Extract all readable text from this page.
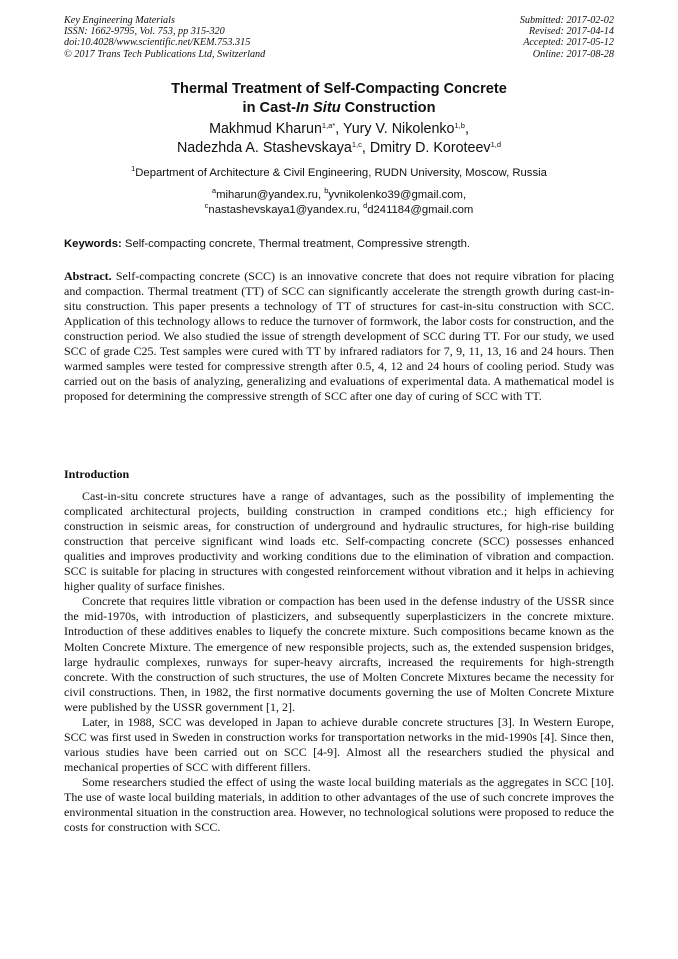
Key Engineering Materials
ISSN: 1662-9795, Vol. 753, pp 315-320
doi:10.4028/www.scientific.net/KEM.753.315
© 2017 Trans Tech Publications Ltd, Switzerland
Submitted: 2017-02-02
Revised: 2017-04-14
Accepted: 2017-05-12
Online: 2017-08-28
Thermal Treatment of Self-Compacting Concrete
in Cast-In Situ Construction
Makhmud Kharun$^{1,a*}$, Yury V. Nikolenko$^{1,b}$,
Nadezhda A. Stashevskaya$^{1,c}$, Dmitry D. Koroteev$^{1,d}$
$^1$Department of Architecture & Civil Engineering, RUDN University, Moscow, Russia
$^a$miharun@yandex.ru, $^b$yvnikolenko39@gmail.com,
$^c$nastashevskaya1@yandex.ru, $^d$d241184@gmail.com
Keywords: Self-compacting concrete, Thermal treatment, Compressive strength.

Abstract. Self-compacting concrete (SCC) is an innovative concrete that does not require vibration for placing and compaction. Thermal treatment (TT) of SCC can significantly accelerate the strength growth during cast-in-situ construction. This paper presents a technology of TT of structures for cast-in-situ construction with SCC. Application of this technology allows to reduce the turnover of formwork, the labor costs for construction, and the construction period. We also studied the issue of strength development of SCC during TT. For our study, we used SCC of grade C25. Test samples were cured with TT by infrared radiators for 7, 9, 11, 13, 16 and 24 hours. Then warmed samples were tested for compressive strength after 0.5, 4, 12 and 24 hours of cooling period. Study was carried out on the basis of analyzing, generalizing and evaluations of experimental data. A mathematical model is proposed for determining the compressive strength of SCC after one day of curing of SCC with TT.

Introduction

Cast-in-situ concrete structures have a range of advantages, such as the possibility of implementing the complicated architectural projects, building construction in cramped conditions etc.; high efficiency for construction in seismic areas, for construction of underground and hydraulic structures, for high-rise building construction that perceive significant wind loads etc. Self-compacting concrete (SCC) possesses enhanced qualities and improves productivity and working conditions due to the elimination of vibration and compaction. SCC is suitable for placing in structures with congested reinforcement without vibration and it helps in achieving higher quality of surface finishes.

Concrete that requires little vibration or compaction has been used in the defense industry of the USSR since the mid-1970s, with introduction of plasticizers, and subsequently superplasticizers in the concrete mixture. Introduction of these additives enables to liquefy the concrete mixture. Such compositions became known as the Molten Concrete Mixture. The emergence of new responsible projects, such as, the extended suspension bridges, large hydraulic complexes, runways for super-heavy aircrafts, increased the requirements for high-strength concrete. With the construction of such structures, the use of Molten Concrete Mixtures became the necessity for civil constructions. Then, in 1982, the first normative documents governing the use of Molten Concrete Mixture were published by the USSR government [1, 2].

Later, in 1988, SCC was developed in Japan to achieve durable concrete structures [3]. In Western Europe, SCC was first used in Sweden in construction works for transportation networks in the mid-1990s [4]. Since then, various studies have been carried out on SCC [4-9]. Almost all the researchers studied the physical and mechanical properties of SCC with different fillers.

Some researchers studied the effect of using the waste local building materials as the aggregates in SCC [10]. The use of waste local building materials, in addition to other advantages of the use of such concrete improves the environmental situation in the construction area. However, no technological solutions were proposed to reduce the costs for construction with SCC.
